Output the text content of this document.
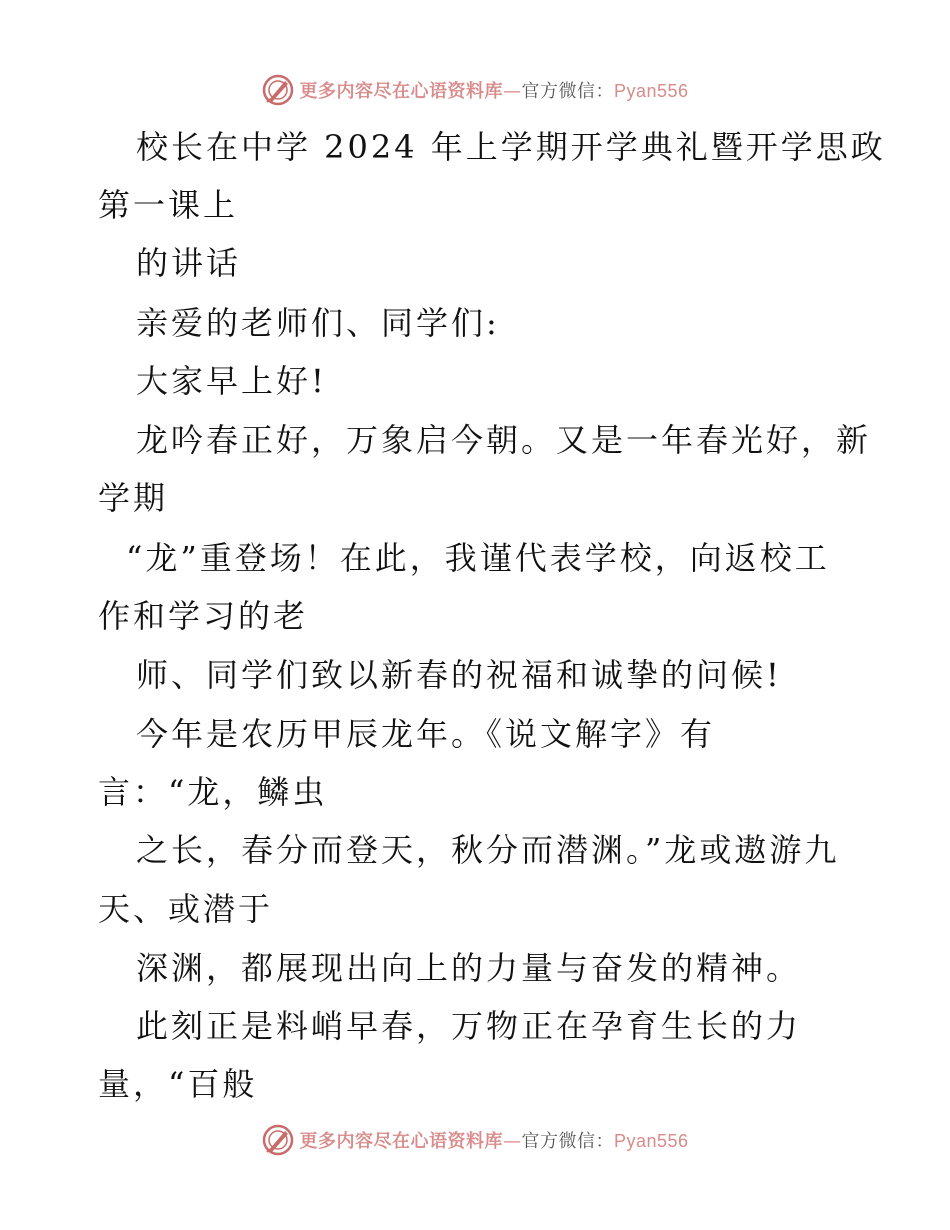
更多内容尽在心语资料库—官方微信：Pyan556
校长在中学 2024 年上学期开学典礼暨开学思政
第一课上
的讲话
亲爱的老师们、同学们:
大家早上好!
龙吟春正好，万象启今朝。又是一年春光好，新
学期
“龙”重登场！在此，我谨代表学校，向返校工
作和学习的老
师、同学们致以新春的祝福和诚挚的问候!
今年是农历甲辰龙年。《说文解字》有
言：“龙，鳞虫
之长，春分而登天，秋分而潜渊。”龙或遨游九
天、或潜于
深渊，都展现出向上的力量与奋发的精神。
此刻正是料峭早春，万物正在孕育生长的力
量，“百般
更多内容尽在心语资料库—官方微信：Pyan556
